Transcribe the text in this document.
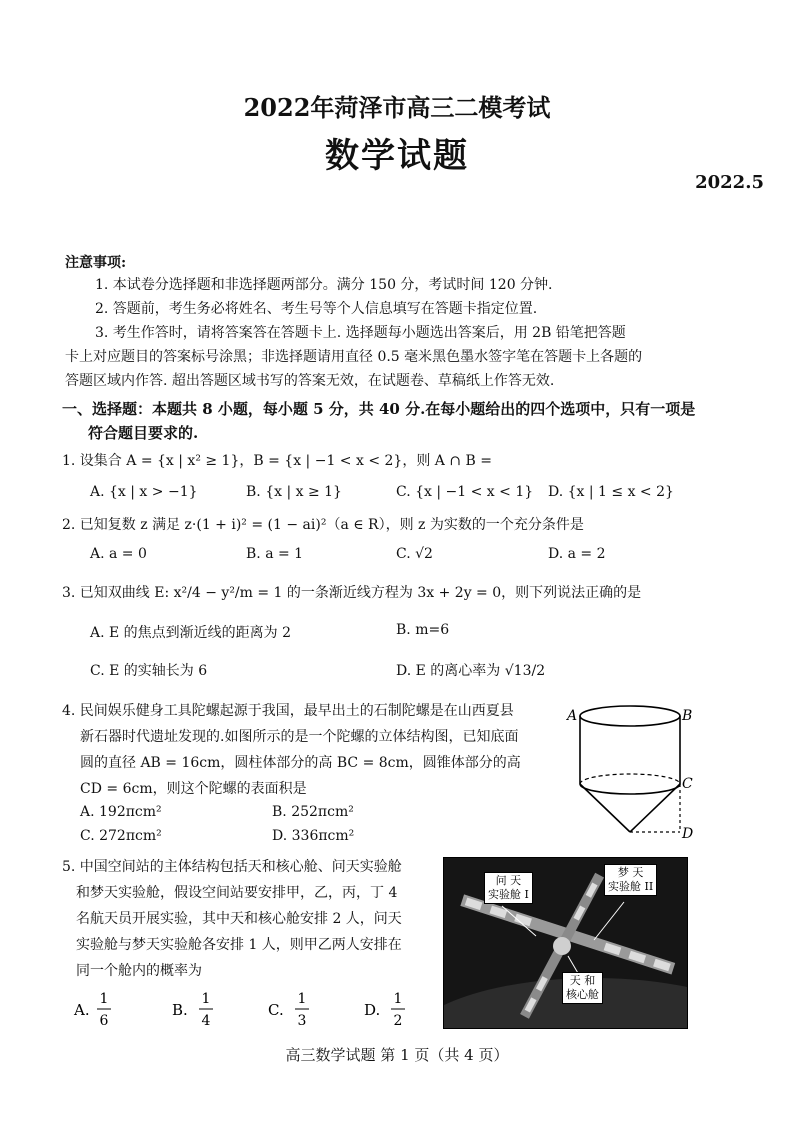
2022年菏泽市高三二模考试
数学试题
2022.5
注意事项:
1. 本试卷分选择题和非选择题两部分。满分 150 分，考试时间 120 分钟.
2. 答题前，考生务必将姓名、考生号等个人信息填写在答题卡指定位置.
3. 考生作答时，请将答案答在答题卡上. 选择题每小题选出答案后，用 2B 铅笔把答题
卡上对应题目的答案标号涂黑；非选择题请用直径 0.5 毫米黑色墨水签字笔在答题卡上各题的
答题区域内作答. 超出答题区域书写的答案无效，在试题卷、草稿纸上作答无效.
一、选择题：本题共 8 小题，每小题 5 分，共 40 分.在每小题给出的四个选项中，只有一项是
符合题目要求的.
1. 设集合 A = {x | x² ≥ 1}，B = {x | −1 < x < 2}，则 A ∩ B =
A. {x | x > −1}	B. {x | x ≥ 1}	C. {x | −1 < x < 1} D. {x | 1 ≤ x < 2}
2. 已知复数 z 满足 z·(1 + i)² = (1 − ai)²（a ∈ R），则 z 为实数的一个充分条件是
A. a = 0	B. a = 1	C. √2	D. a = 2
3. 已知双曲线 E: x²/4 − y²/m = 1 的一条渐近线方程为 3x + 2y = 0，则下列说法正确的是
A. E 的焦点到渐近线的距离为 2	B. m=6
C. E 的实轴长为 6	D. E 的离心率为 √13/2
4. 民间娱乐健身工具陀螺起源于我国，最早出土的石制陀螺是在山西夏县
新石器时代遗址发现的.如图所示的是一个陀螺的立体结构图，已知底面
圆的直径 AB = 16cm，圆柱体部分的高 BC = 8cm，圆锥体部分的高
CD = 6cm，则这个陀螺的表面积是
A. 192πcm²	B. 252πcm²
C. 272πcm²	D. 336πcm²
A	B
C
D
5. 中国空间站的主体结构包括天和核心舱、问天实验舱
和梦天实验舱，假设空间站要安排甲，乙，丙，丁 4
名航天员开展实验，其中天和核心舱安排 2 人，问天
实验舱与梦天实验舱各安排 1 人，则甲乙两人安排在
同一个舱内的概率为
A.
1
6
B.
1
4
C.
1
3
D.
1
2
问 天
实验舱 I
梦 天
实验舱 II
天 和
核心舱
高三数学试题 第 1 页（共 4 页）
